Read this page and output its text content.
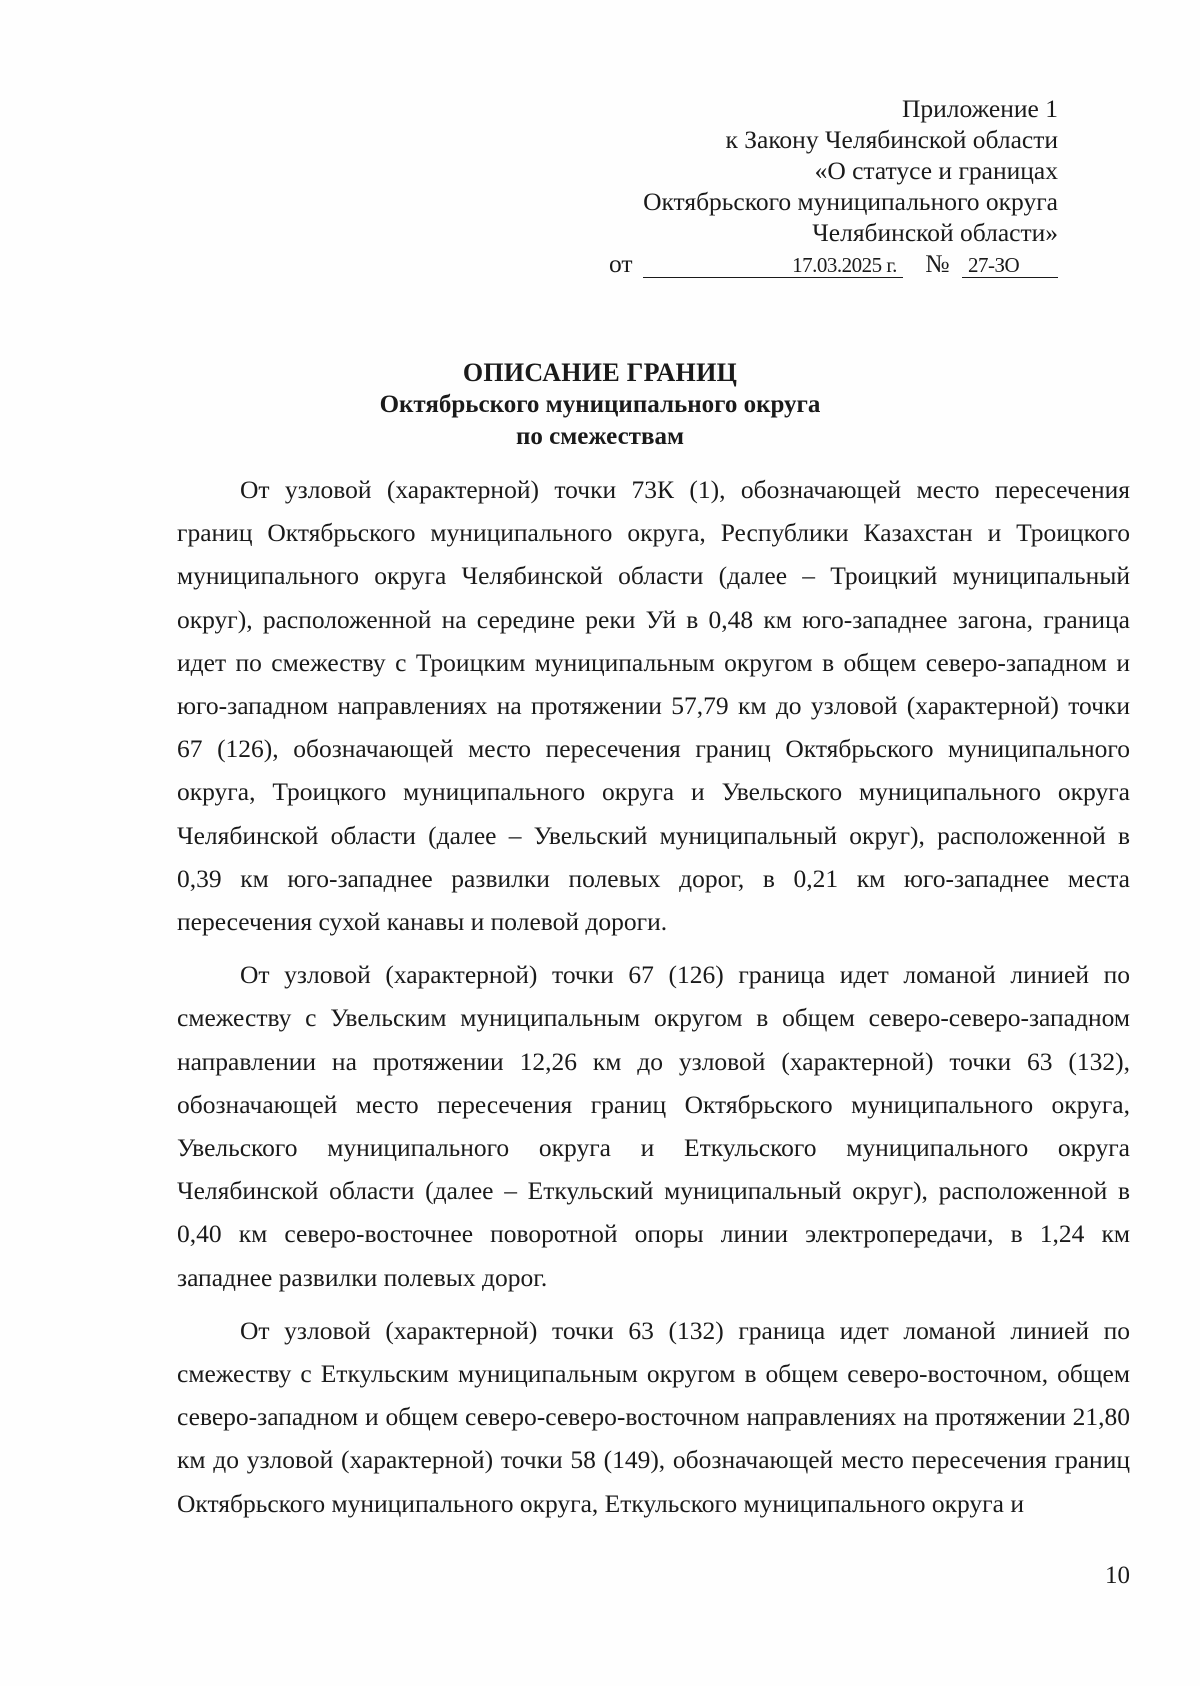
Приложение 1
к Закону Челябинской области
«О статусе и границах
Октябрьского муниципального округа
Челябинской области»
от	17.03.2025 г. № 27-ЗО
ОПИСАНИЕ ГРАНИЦ
Октябрьского муниципального округа
по смежествам

От узловой (характерной) точки 73К (1), обозначающей место пересечения границ Октябрьского муниципального округа, Республики Казахстан и Троицкого муниципального округа Челябинской области (далее – Троицкий муниципальный округ), расположенной на середине реки Уй в 0,48 км юго-западнее загона, граница идет по смежеству с Троицким муниципальным округом в общем северо-западном и юго-западном направлениях на протяжении 57,79 км до узловой (характерной) точки 67 (126), обозначающей место пересечения границ Октябрьского муниципального округа, Троицкого муниципального округа и Увельского муниципального округа Челябинской области (далее – Увельский муниципальный округ), расположенной в 0,39 км юго-западнее развилки полевых дорог, в 0,21 км юго-западнее места пересечения сухой канавы и полевой дороги.

От узловой (характерной) точки 67 (126) граница идет ломаной линией по смежеству с Увельским муниципальным округом в общем северо-северо-западном направлении на протяжении 12,26 км до узловой (характерной) точки 63 (132), обозначающей место пересечения границ Октябрьского муниципального округа, Увельского муниципального округа и Еткульского муниципального округа Челябинской области (далее – Еткульский муниципальный округ), расположенной в 0,40 км северо-восточнее поворотной опоры линии электропередачи, в 1,24 км западнее развилки полевых дорог.

От узловой (характерной) точки 63 (132) граница идет ломаной линией по смежеству с Еткульским муниципальным округом в общем северо-восточном, общем северо-западном и общем северо-северо-восточном направлениях на протяжении 21,80 км до узловой (характерной) точки 58 (149), обозначающей место пересечения границ Октябрьского муниципального округа, Еткульского муниципального округа и

10
